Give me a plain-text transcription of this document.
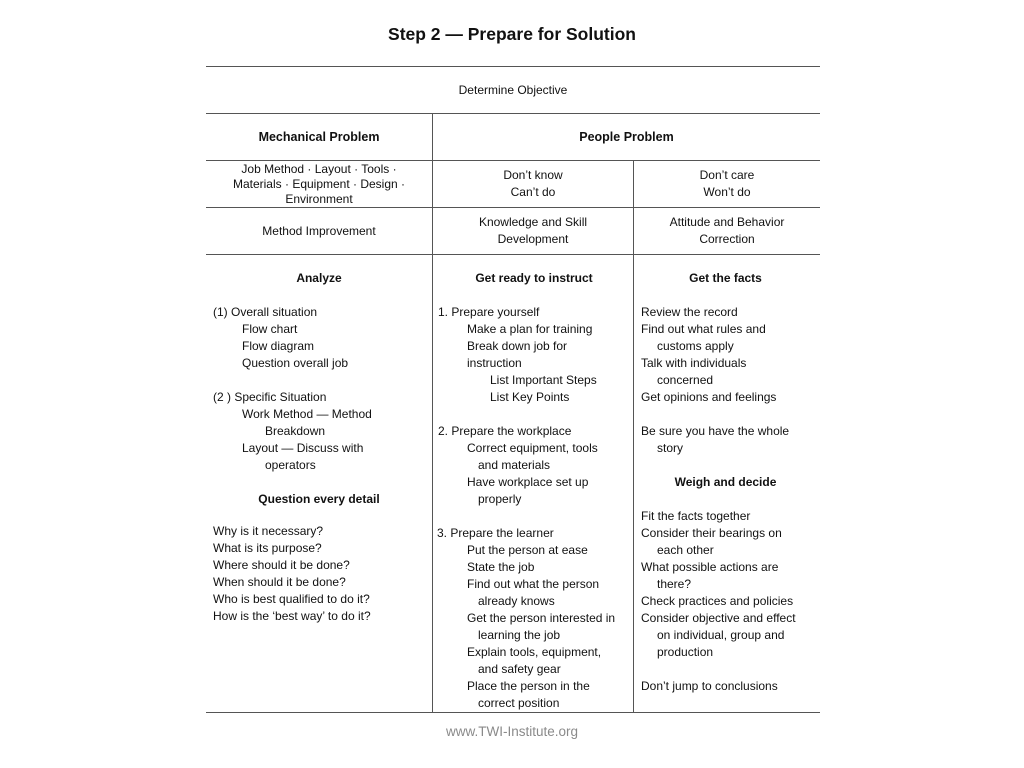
Step 2 — Prepare for Solution
Determine Objective
Mechanical Problem	People Problem
Job Method · Layout · Tools ·
Materials · Equipment · Design ·
Environment
Don’t know
Can’t do
Don’t care
Won’t do
Method Improvement
Knowledge and Skill
Development
Attitude and Behavior
Correction
Analyze
(1) Overall situation
Flow chart
Flow diagram
Question overall job
(2 ) Specific Situation
Work Method — Method
Breakdown
Layout — Discuss with
operators
Question every detail
Why is it necessary?
What is its purpose?
Where should it be done?
When should it be done?
Who is best qualified to do it?
How is the ‘best way’ to do it?
Get ready to instruct
1. Prepare yourself
Make a plan for training
Break down job for
instruction
List Important Steps
List Key Points
2. Prepare the workplace
Correct equipment, tools
and materials
Have workplace set up
properly
3. Prepare the learner
Put the person at ease
State the job
Find out what the person
already knows
Get the person interested in
learning the job
Explain tools, equipment,
and safety gear
Place the person in the
correct position
Get the facts
Review the record
Find out what rules and
customs apply
Talk with individuals
concerned
Get opinions and feelings
Be sure you have the whole
story
Weigh and decide
Fit the facts together
Consider their bearings on
each other
What possible actions are
there?
Check practices and policies
Consider objective and effect
on individual, group and
production
Don’t jump to conclusions
www.TWI-Institute.org
